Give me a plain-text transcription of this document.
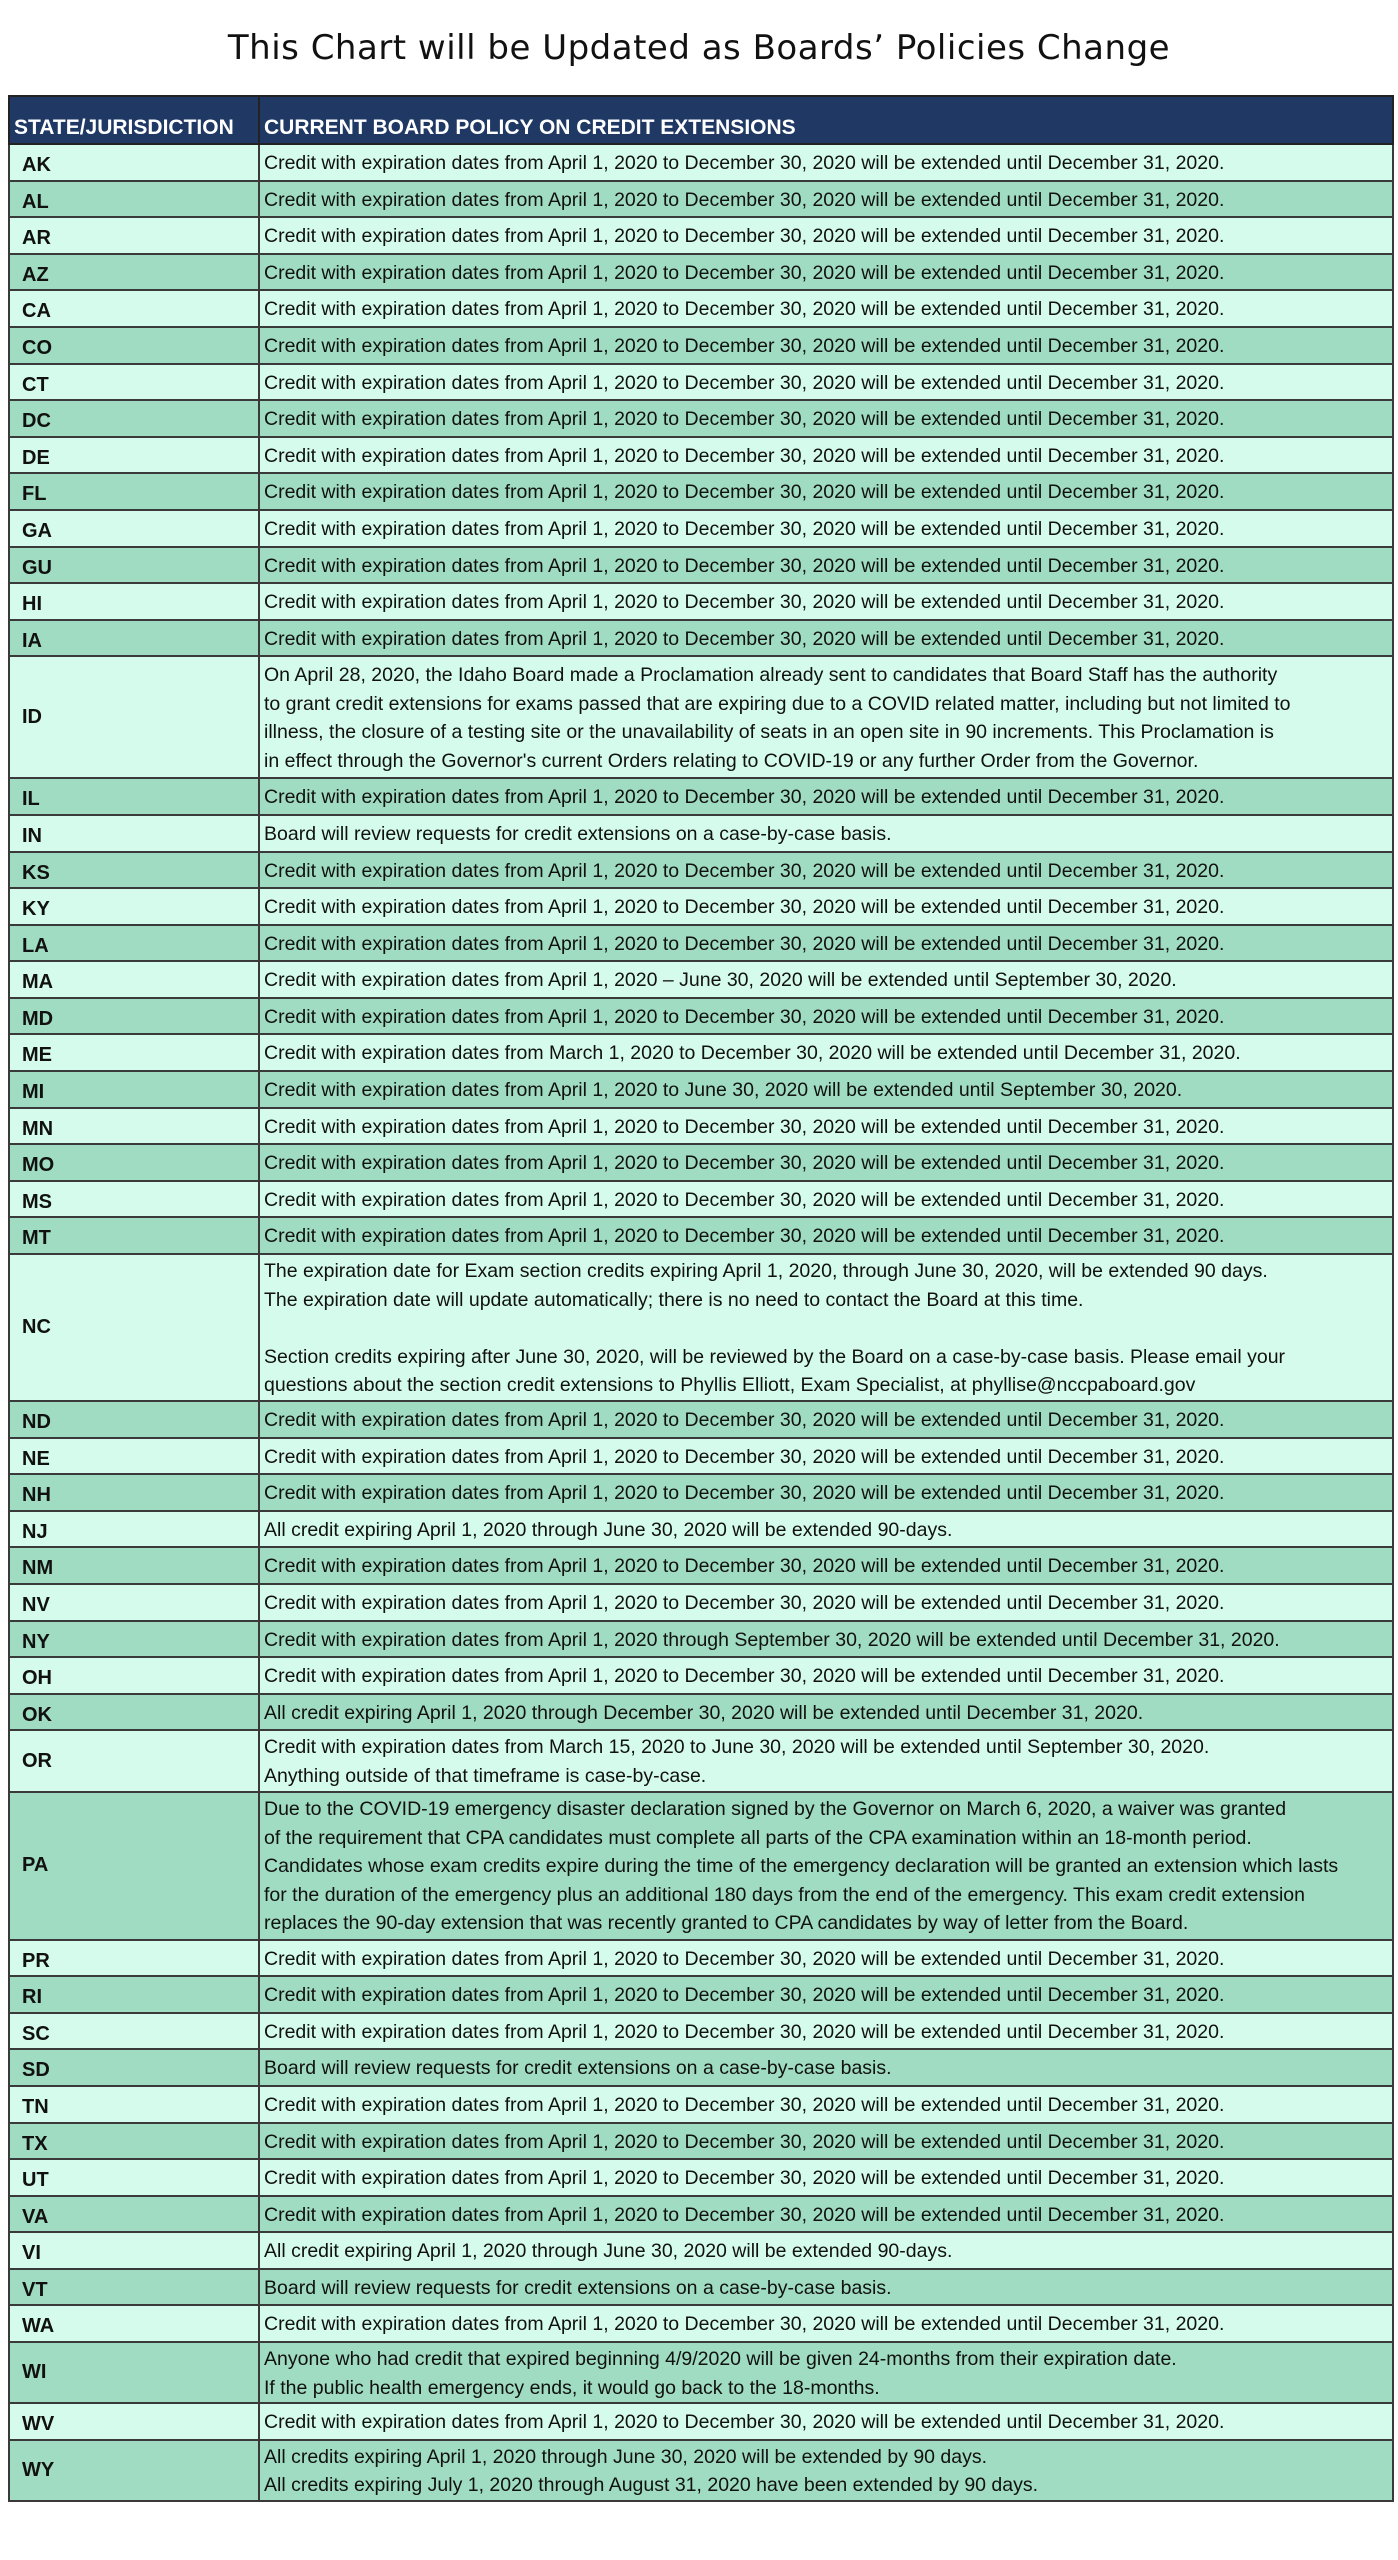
This Chart will be Updated as Boards’ Policies Change
STATE/JURISDICTION	CURRENT BOARD POLICY ON CREDIT EXTENSIONS
AK	Credit with expiration dates from April 1, 2020 to December 30, 2020 will be extended until December 31, 2020.
AL	Credit with expiration dates from April 1, 2020 to December 30, 2020 will be extended until December 31, 2020.
AR	Credit with expiration dates from April 1, 2020 to December 30, 2020 will be extended until December 31, 2020.
AZ	Credit with expiration dates from April 1, 2020 to December 30, 2020 will be extended until December 31, 2020.
CA	Credit with expiration dates from April 1, 2020 to December 30, 2020 will be extended until December 31, 2020.
CO	Credit with expiration dates from April 1, 2020 to December 30, 2020 will be extended until December 31, 2020.
CT	Credit with expiration dates from April 1, 2020 to December 30, 2020 will be extended until December 31, 2020.
DC	Credit with expiration dates from April 1, 2020 to December 30, 2020 will be extended until December 31, 2020.
DE	Credit with expiration dates from April 1, 2020 to December 30, 2020 will be extended until December 31, 2020.
FL	Credit with expiration dates from April 1, 2020 to December 30, 2020 will be extended until December 31, 2020.
GA	Credit with expiration dates from April 1, 2020 to December 30, 2020 will be extended until December 31, 2020.
GU	Credit with expiration dates from April 1, 2020 to December 30, 2020 will be extended until December 31, 2020.
HI	Credit with expiration dates from April 1, 2020 to December 30, 2020 will be extended until December 31, 2020.
IA	Credit with expiration dates from April 1, 2020 to December 30, 2020 will be extended until December 31, 2020.
ID	On April 28, 2020, the Idaho Board made a Proclamation already sent to candidates that Board Staff has the authority
to grant credit extensions for exams passed that are expiring due to a COVID related matter, including but not limited to
illness, the closure of a testing site or the unavailability of seats in an open site in 90 increments. This Proclamation is
in effect through the Governor's current Orders relating to COVID-19 or any further Order from the Governor.
IL	Credit with expiration dates from April 1, 2020 to December 30, 2020 will be extended until December 31, 2020.
IN	Board will review requests for credit extensions on a case-by-case basis.
KS	Credit with expiration dates from April 1, 2020 to December 30, 2020 will be extended until December 31, 2020.
KY	Credit with expiration dates from April 1, 2020 to December 30, 2020 will be extended until December 31, 2020.
LA	Credit with expiration dates from April 1, 2020 to December 30, 2020 will be extended until December 31, 2020.
MA	Credit with expiration dates from April 1, 2020 – June 30, 2020 will be extended until September 30, 2020.
MD	Credit with expiration dates from April 1, 2020 to December 30, 2020 will be extended until December 31, 2020.
ME	Credit with expiration dates from March 1, 2020 to December 30, 2020 will be extended until December 31, 2020.
MI	Credit with expiration dates from April 1, 2020 to June 30, 2020 will be extended until September 30, 2020.
MN	Credit with expiration dates from April 1, 2020 to December 30, 2020 will be extended until December 31, 2020.
MO	Credit with expiration dates from April 1, 2020 to December 30, 2020 will be extended until December 31, 2020.
MS	Credit with expiration dates from April 1, 2020 to December 30, 2020 will be extended until December 31, 2020.
MT	Credit with expiration dates from April 1, 2020 to December 30, 2020 will be extended until December 31, 2020.
NC	The expiration date for Exam section credits expiring April 1, 2020, through June 30, 2020, will be extended 90 days.
The expiration date will update automatically; there is no need to contact the Board at this time.

Section credits expiring after June 30, 2020, will be reviewed by the Board on a case-by-case basis. Please email your
questions about the section credit extensions to Phyllis Elliott, Exam Specialist, at phyllise@nccpaboard.gov
ND	Credit with expiration dates from April 1, 2020 to December 30, 2020 will be extended until December 31, 2020.
NE	Credit with expiration dates from April 1, 2020 to December 30, 2020 will be extended until December 31, 2020.
NH	Credit with expiration dates from April 1, 2020 to December 30, 2020 will be extended until December 31, 2020.
NJ	All credit expiring April 1, 2020 through June 30, 2020 will be extended 90-days.
NM	Credit with expiration dates from April 1, 2020 to December 30, 2020 will be extended until December 31, 2020.
NV	Credit with expiration dates from April 1, 2020 to December 30, 2020 will be extended until December 31, 2020.
NY	Credit with expiration dates from April 1, 2020 through September 30, 2020 will be extended until December 31, 2020.
OH	Credit with expiration dates from April 1, 2020 to December 30, 2020 will be extended until December 31, 2020.
OK	All credit expiring April 1, 2020 through December 30, 2020 will be extended until December 31, 2020.
OR	Credit with expiration dates from March 15, 2020 to June 30, 2020 will be extended until September 30, 2020.
Anything outside of that timeframe is case-by-case.
PA	Due to the COVID-19 emergency disaster declaration signed by the Governor on March 6, 2020, a waiver was granted
of the requirement that CPA candidates must complete all parts of the CPA examination within an 18-month period.
Candidates whose exam credits expire during the time of the emergency declaration will be granted an extension which lasts
for the duration of the emergency plus an additional 180 days from the end of the emergency. This exam credit extension
replaces the 90-day extension that was recently granted to CPA candidates by way of letter from the Board.
PR	Credit with expiration dates from April 1, 2020 to December 30, 2020 will be extended until December 31, 2020.
RI	Credit with expiration dates from April 1, 2020 to December 30, 2020 will be extended until December 31, 2020.
SC	Credit with expiration dates from April 1, 2020 to December 30, 2020 will be extended until December 31, 2020.
SD	Board will review requests for credit extensions on a case-by-case basis.
TN	Credit with expiration dates from April 1, 2020 to December 30, 2020 will be extended until December 31, 2020.
TX	Credit with expiration dates from April 1, 2020 to December 30, 2020 will be extended until December 31, 2020.
UT	Credit with expiration dates from April 1, 2020 to December 30, 2020 will be extended until December 31, 2020.
VA	Credit with expiration dates from April 1, 2020 to December 30, 2020 will be extended until December 31, 2020.
VI	All credit expiring April 1, 2020 through June 30, 2020 will be extended 90-days.
VT	Board will review requests for credit extensions on a case-by-case basis.
WA	Credit with expiration dates from April 1, 2020 to December 30, 2020 will be extended until December 31, 2020.
WI	Anyone who had credit that expired beginning 4/9/2020 will be given 24-months from their expiration date.
If the public health emergency ends, it would go back to the 18-months.
WV	Credit with expiration dates from April 1, 2020 to December 30, 2020 will be extended until December 31, 2020.
WY	All credits expiring April 1, 2020 through June 30, 2020 will be extended by 90 days.
All credits expiring July 1, 2020 through August 31, 2020 have been extended by 90 days.
